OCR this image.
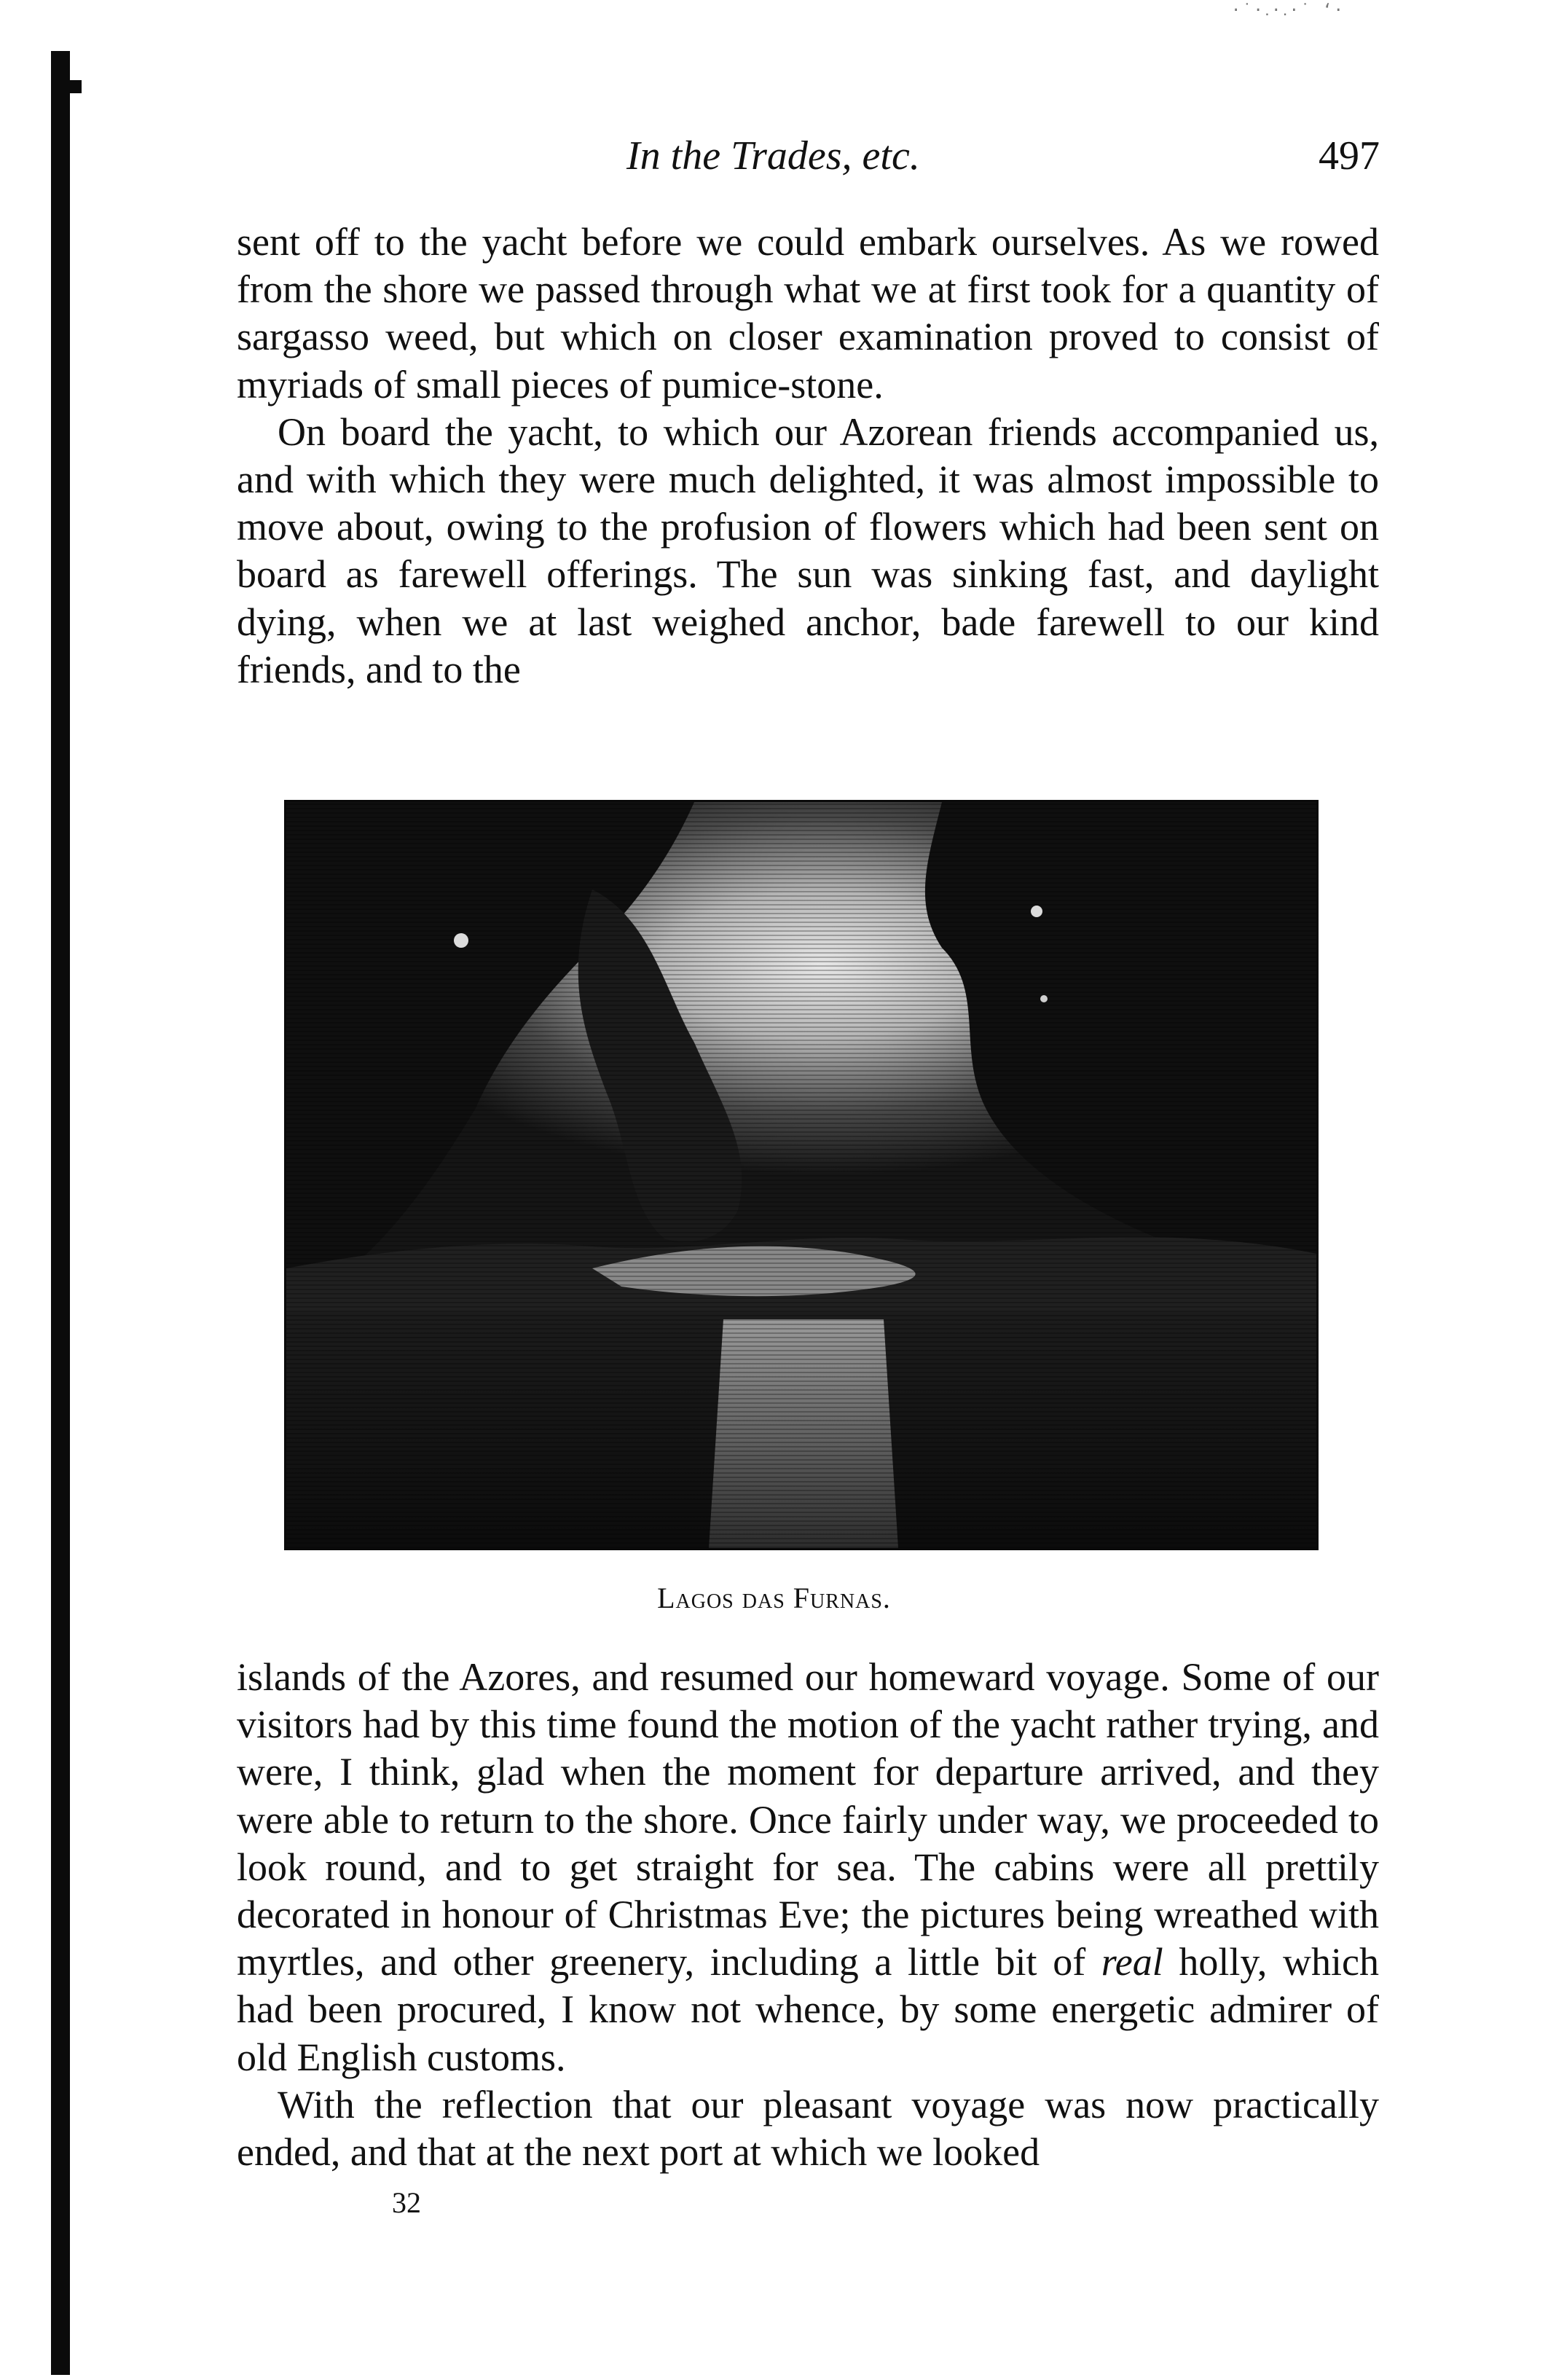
·˙·․·․·˙ ʻ·
In the Trades, etc.	497

sent off to the yacht before we could embark ourselves. As we rowed from the shore we passed through what we at first took for a quantity of sargasso weed, but which on closer examination proved to consist of myriads of small pieces of pumice-stone.

On board the yacht, to which our Azorean friends accompanied us, and with which they were much delighted, it was almost impossible to move about, owing to the profusion of flowers which had been sent on board as farewell offerings. The sun was sinking fast, and daylight dying, when we at last weighed anchor, bade farewell to our kind friends, and to the

Lagos das Furnas.

islands of the Azores, and resumed our homeward voyage. Some of our visitors had by this time found the motion of the yacht rather trying, and were, I think, glad when the moment for departure arrived, and they were able to return to the shore. Once fairly under way, we proceeded to look round, and to get straight for sea. The cabins were all prettily decorated in honour of Christmas Eve; the pictures being wreathed with myrtles, and other greenery, including a little bit of real holly, which had been procured, I know not whence, by some energetic admirer of old English customs.

With the reflection that our pleasant voyage was now practically ended, and that at the next port at which we looked

32
